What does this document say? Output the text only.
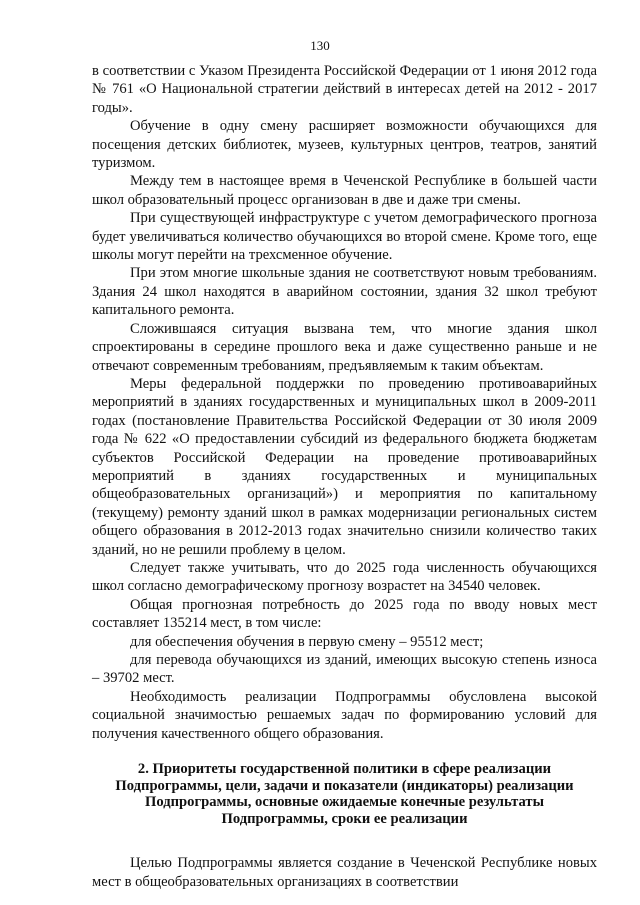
130

в соответствии с Указом Президента Российской Федерации от 1 июня 2012 года № 761 «О Национальной стратегии действий в интересах детей на 2012 - 2017 годы».

Обучение в одну смену расширяет возможности обучающихся для посещения детских библиотек, музеев, культурных центров, театров, занятий туризмом.

Между тем в настоящее время в Чеченской Республике в большей части школ образовательный процесс организован в две и даже три смены.

При существующей инфраструктуре с учетом демографического прогноза будет увеличиваться количество обучающихся во второй смене. Кроме того, еще школы могут перейти на трехсменное обучение.

При этом многие школьные здания не соответствуют новым требованиям. Здания 24 школ находятся в аварийном состоянии, здания 32 школ требуют капитального ремонта.

Сложившаяся ситуация вызвана тем, что многие здания школ спроектированы в середине прошлого века и даже существенно раньше и не отвечают современным требованиям, предъявляемым к таким объектам.

Меры федеральной поддержки по проведению противоаварийных мероприятий в зданиях государственных и муниципальных школ в 2009-2011 годах (постановление Правительства Российской Федерации от 30 июля 2009 года № 622 «О предоставлении субсидий из федерального бюджета бюджетам субъектов Российской Федерации на проведение противоаварийных мероприятий в зданиях государственных и муниципальных общеобразовательных организаций») и мероприятия по капитальному (текущему) ремонту зданий школ в рамках модернизации региональных систем общего образования в 2012-2013 годах значительно снизили количество таких зданий, но не решили проблему в целом.

Следует также учитывать, что до 2025 года численность обучающихся школ согласно демографическому прогнозу возрастет на 34540 человек.

Общая прогнозная потребность до 2025 года по вводу новых мест составляет 135214 мест, в том числе:

для обеспечения обучения в первую смену – 95512 мест;

для перевода обучающихся из зданий, имеющих высокую степень износа – 39702 мест.

Необходимость реализации Подпрограммы обусловлена высокой социальной значимостью решаемых задач по формированию условий для получения качественного общего образования.

2. Приоритеты государственной политики в сфере реализации
Подпрограммы, цели, задачи и показатели (индикаторы) реализации
Подпрограммы, основные ожидаемые конечные результаты
Подпрограммы, сроки ее реализации

Целью Подпрограммы является создание в Чеченской Республике новых мест в общеобразовательных организациях в соответствии
